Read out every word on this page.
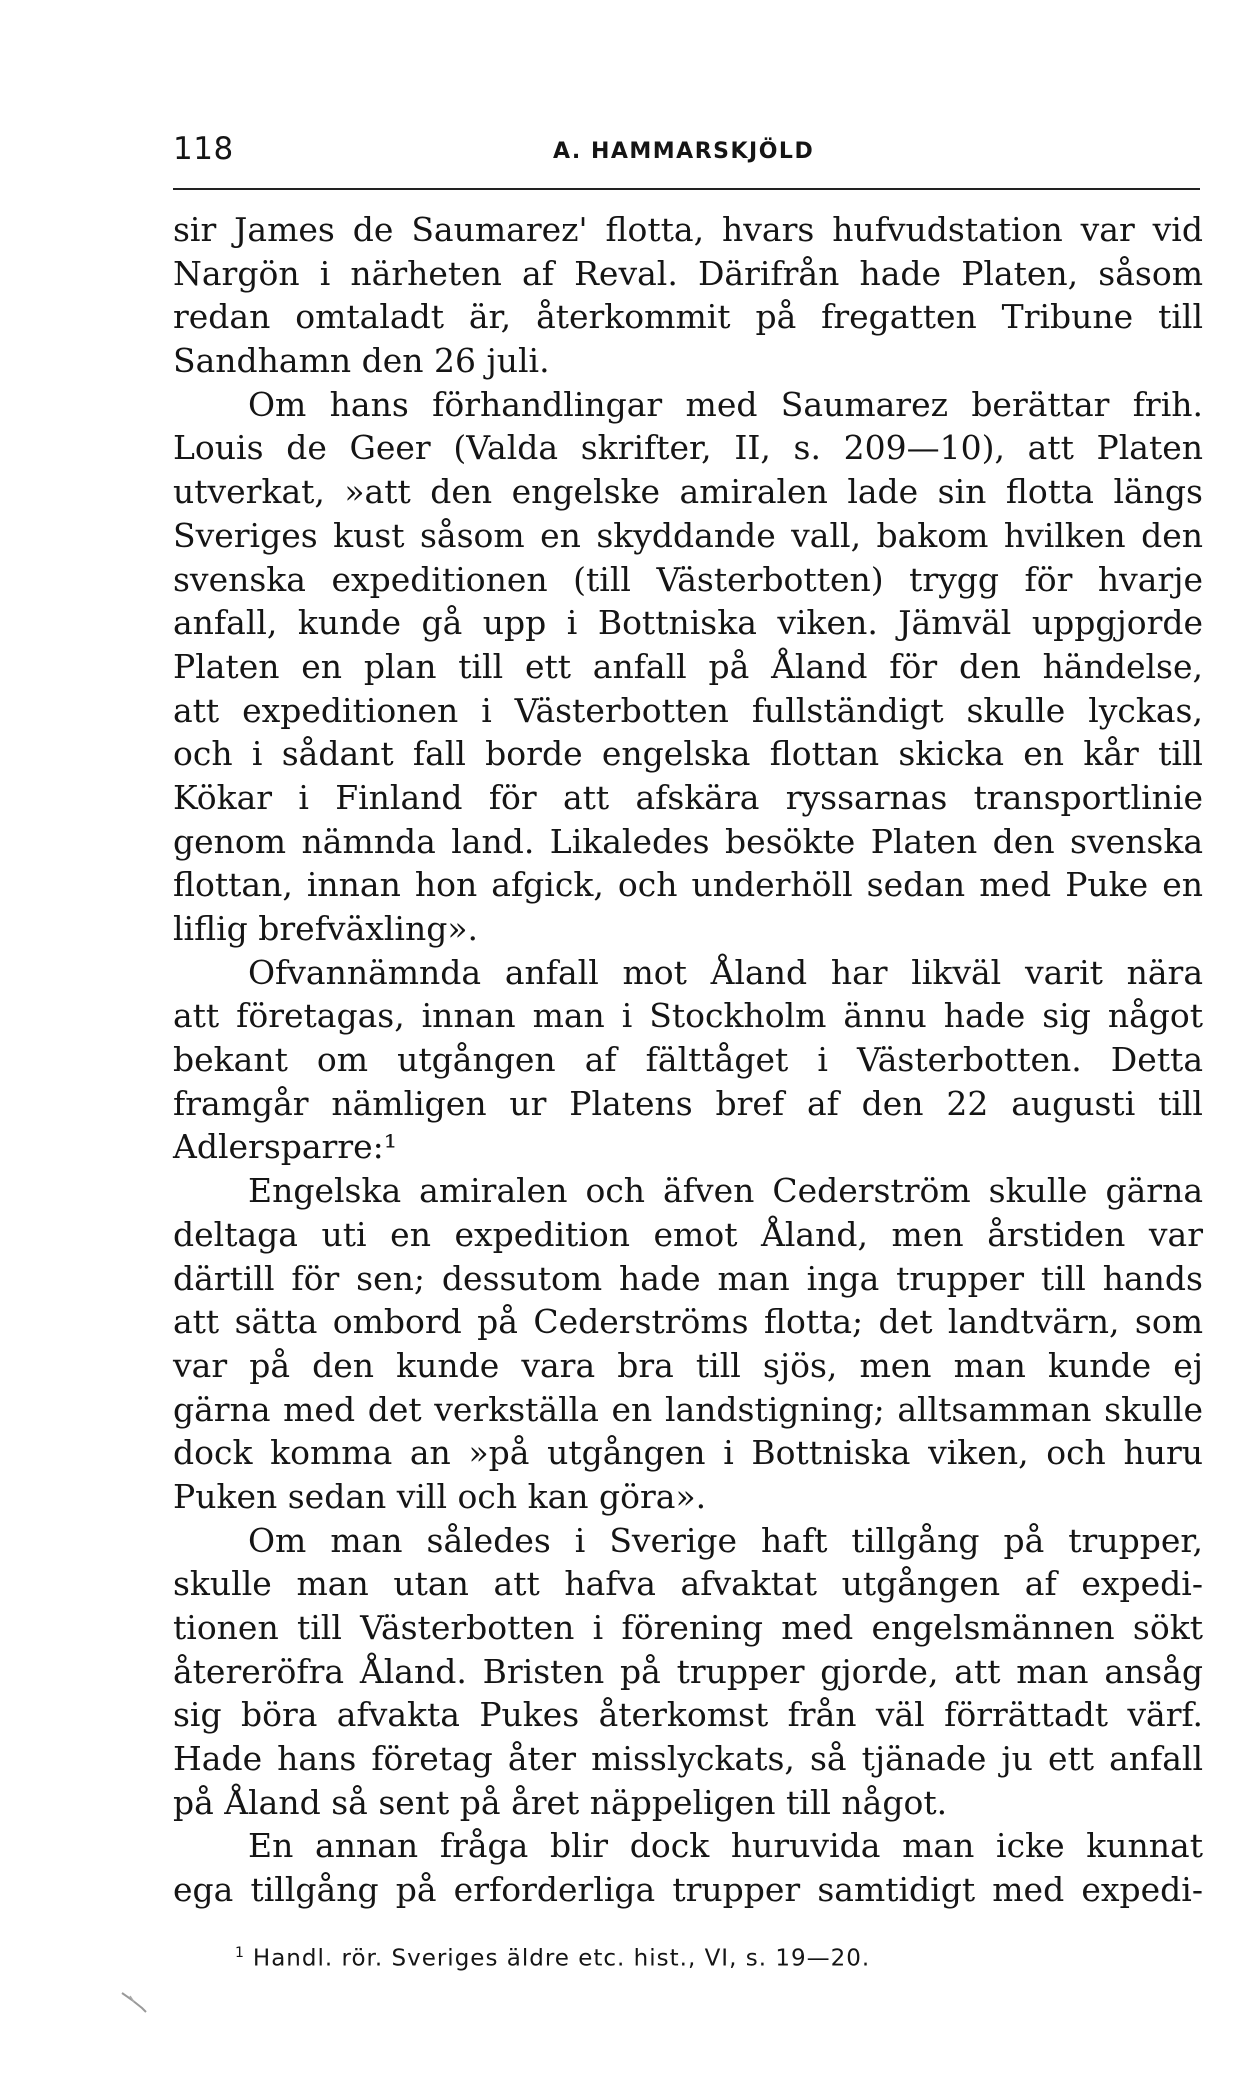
118	A. HAMMARSKJÖLD
sir James de Saumarez' flotta, hvars hufvudstation var vid
Nargön i närheten af Reval. Därifrån hade Platen, såsom
redan omtaladt är, återkommit på fregatten Tribune till
Sandhamn den 26 juli.
Om hans förhandlingar med Saumarez berättar frih.
Louis de Geer (Valda skrifter, II, s. 209—10), att Platen
utverkat, »att den engelske amiralen lade sin flotta längs
Sveriges kust såsom en skyddande vall, bakom hvilken den
svenska expeditionen (till Västerbotten) trygg för hvarje
anfall, kunde gå upp i Bottniska viken. Jämväl uppgjorde
Platen en plan till ett anfall på Åland för den händelse,
att expeditionen i Västerbotten fullständigt skulle lyckas,
och i sådant fall borde engelska flottan skicka en kår till
Kökar i Finland för att afskära ryssarnas transportlinie
genom nämnda land. Likaledes besökte Platen den svenska
flottan, innan hon afgick, och underhöll sedan med Puke en
liflig brefväxling».
Ofvannämnda anfall mot Åland har likväl varit nära
att företagas, innan man i Stockholm ännu hade sig något
bekant om utgången af fälttåget i Västerbotten. Detta
framgår nämligen ur Platens bref af den 22 augusti till
Adlersparre:¹
Engelska amiralen och äfven Cederström skulle gärna
deltaga uti en expedition emot Åland, men årstiden var
därtill för sen; dessutom hade man inga trupper till hands
att sätta ombord på Cederströms flotta; det landtvärn, som
var på den kunde vara bra till sjös, men man kunde ej
gärna med det verkställa en landstigning; alltsamman skulle
dock komma an »på utgången i Bottniska viken, och huru
Puken sedan vill och kan göra».
Om man således i Sverige haft tillgång på trupper,
skulle man utan att hafva afvaktat utgången af expedi-
tionen till Västerbotten i förening med engelsmännen sökt
återeröfra Åland. Bristen på trupper gjorde, att man ansåg
sig böra afvakta Pukes återkomst från väl förrättadt värf.
Hade hans företag åter misslyckats, så tjänade ju ett anfall
på Åland så sent på året näppeligen till något.
En annan fråga blir dock huruvida man icke kunnat
ega tillgång på erforderliga trupper samtidigt med expedi-
$^1$ Handl. rör. Sveriges äldre etc. hist., VI, s. 19—20.
